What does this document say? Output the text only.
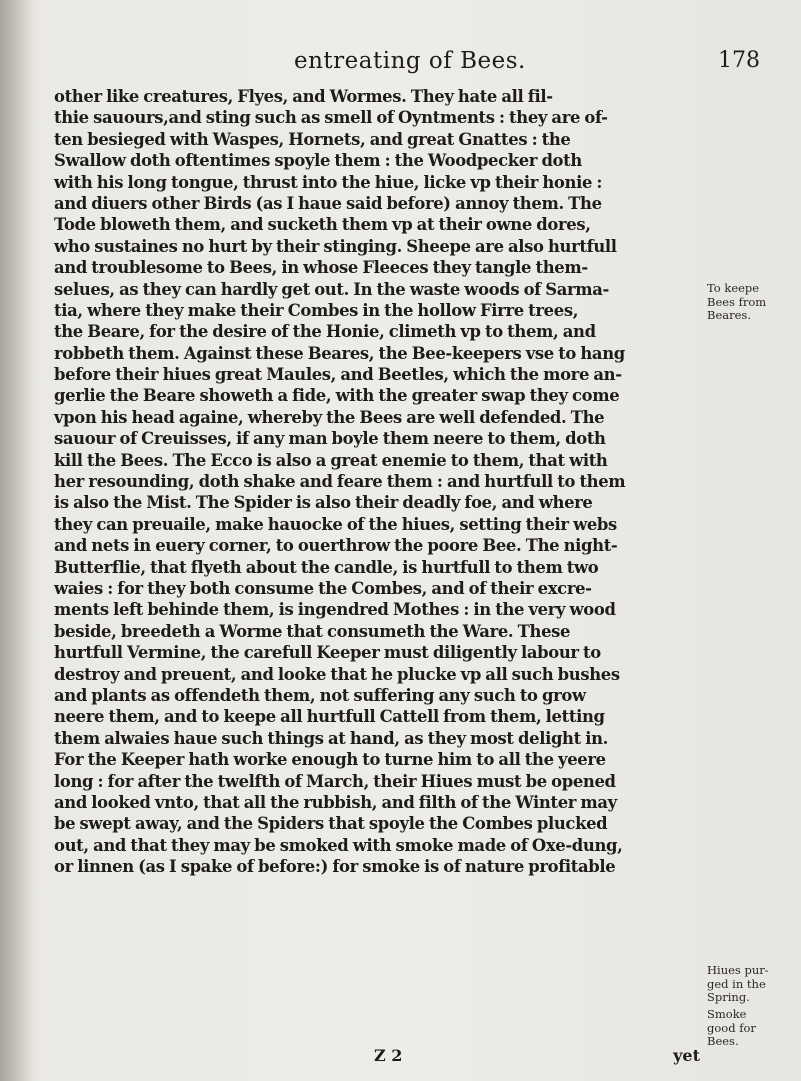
entreating of Bees.	178
other like creatures, Flyes, and Wormes. They hate all fil-
thie sauours,and sting such as smell of Oyntments : they are of-
ten besieged with Waspes, Hornets, and great Gnattes : the
Swallow doth oftentimes spoyle them : the Woodpecker doth
with his long tongue, thrust into the hiue, licke vp their honie :
and diuers other Birds (as I haue said before) annoy them. The
Tode bloweth them, and sucketh them vp at their owne dores,
who sustaines no hurt by their stinging. Sheepe are also hurtfull
and troublesome to Bees, in whose Fleeces they tangle them-
selues, as they can hardly get out. In the waste woods of Sarma-
tia, where they make their Combes in the hollow Firre trees,
the Beare, for the desire of the Honie, climeth vp to them, and
robbeth them. Against these Beares, the Bee-keepers vse to hang
before their hiues great Maules, and Beetles, which the more an-
gerlie the Beare showeth a fide, with the greater swap they come
vpon his head againe, whereby the Bees are well defended. The
sauour of Creuisses, if any man boyle them neere to them, doth
kill the Bees. The Ecco is also a great enemie to them, that with
her resounding, doth shake and feare them : and hurtfull to them
is also the Mist. The Spider is also their deadly foe, and where
they can preuaile, make hauocke of the hiues, setting their webs
and nets in euery corner, to ouerthrow the poore Bee. The night-
Butterflie, that flyeth about the candle, is hurtfull to them two
waies : for they both consume the Combes, and of their excre-
ments left behinde them, is ingendred Mothes : in the very wood
beside, breedeth a Worme that consumeth the Ware. These
hurtfull Vermine, the carefull Keeper must diligently labour to
destroy and preuent, and looke that he plucke vp all such bushes
and plants as offendeth them, not suffering any such to grow
neere them, and to keepe all hurtfull Cattell from them, letting
them alwaies haue such things at hand, as they most delight in.
For the Keeper hath worke enough to turne him to all the yeere
long : for after the twelfth of March, their Hiues must be opened
and looked vnto, that all the rubbish, and filth of the Winter may
be swept away, and the Spiders that spoyle the Combes plucked
out, and that they may be smoked with smoke made of Oxe-dung,
or linnen (as I spake of before:) for smoke is of nature profitable
To keepe
Bees from
Beares.
Hiues pur-
ged in the
Spring.
Smoke
good for
Bees.
Z 2	yet
